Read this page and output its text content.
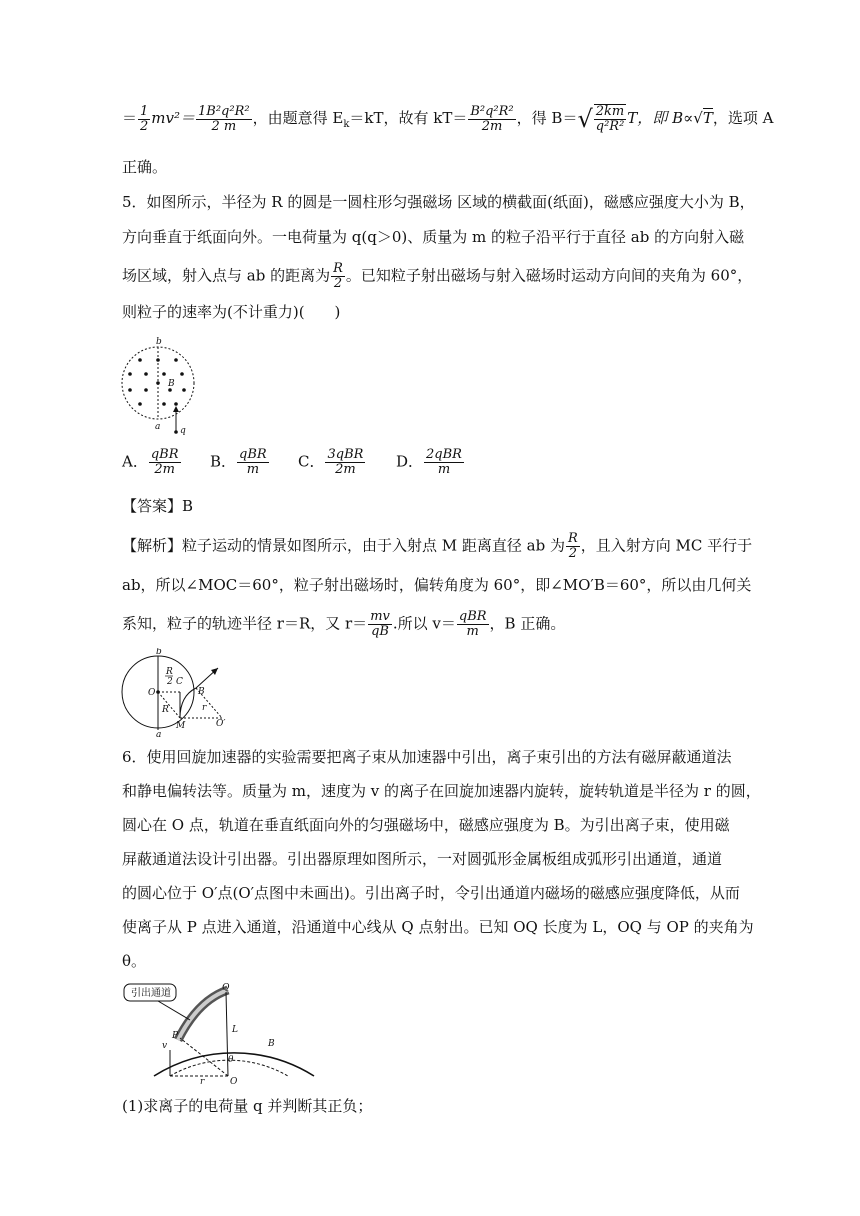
＝ $\frac{1}{2} mv^2= \frac{\text{1B²q²R²}}{2 m}$ ，由题意得 $E_k=kT$，故有 $kT= \frac{\text{B²q²R²}}{2m}$ ，得 $B=√ \frac{2km}{\text{q²R²}}$ T，即 B∝√T，选项 A
正确。
5．如图所示，半径为 R 的圆是一圆柱形匀强磁场 区域的横截面(纸面)，磁感应强度大小为 B，
方向垂直于纸面向外。一电荷量为 q(q＞0)、质量为 m 的粒子沿平行于直径 ab 的方向射入磁
场区域，射入点与 ab 的距离为 $\frac{R}{2}$ 。已知粒子射出磁场与射入磁场时运动方向间的夹角为 60°，
则粒子的速率为(不计重力)(　　)
b
a
B
q
A． $\frac{\text{qBR}}{2m}$ B． $\frac{\text{qBR}}{m}$ C． $\frac{\text{3qBR}}{2m}$ D． $\frac{\text{2qBR}}{m}$
【答案】B
【解析】粒子运动的情景如图所示，由于入射点 M 距离直径 ab 为 $\frac{R}{2}$ ，且入射方向 MC 平行于
ab，所以∠MOC＝60°，粒子射出磁场时，偏转角度为 60°，即∠MO′B＝60°，所以由几何关
系知，粒子的轨迹半径 r＝R，又 $r= \frac{mv}{qB}$ .所以 $v= \frac{\text{qBR}}{m}$ ，B 正确。
b
R
2 C
O	B
R	r
M	O′
a
6．使用回旋加速器的实验需要把离子束从加速器中引出，离子束引出的方法有磁屏蔽通道法
和静电偏转法等。质量为 m，速度为 v 的离子在回旋加速器内旋转，旋转轨道是半径为 r 的圆，
圆心在 O 点，轨道在垂直纸面向外的匀强磁场中，磁感应强度为 B。为引出离子束，使用磁
屏蔽通道法设计引出器。引出器原理如图所示，一对圆弧形金属板组成弧形引出通道，通道
的圆心位于 O′点(O′点图中未画出)。引出离子时，令引出通道内磁场的磁感应强度降低，从而
使离子从 P 点进入通道，沿通道中心线从 Q 点射出。已知 OQ 长度为 L，OQ 与 OP 的夹角为
θ。
引出通道	Q
P
v
L
θ
B
O
r
(1)求离子的电荷量 q 并判断其正负；
